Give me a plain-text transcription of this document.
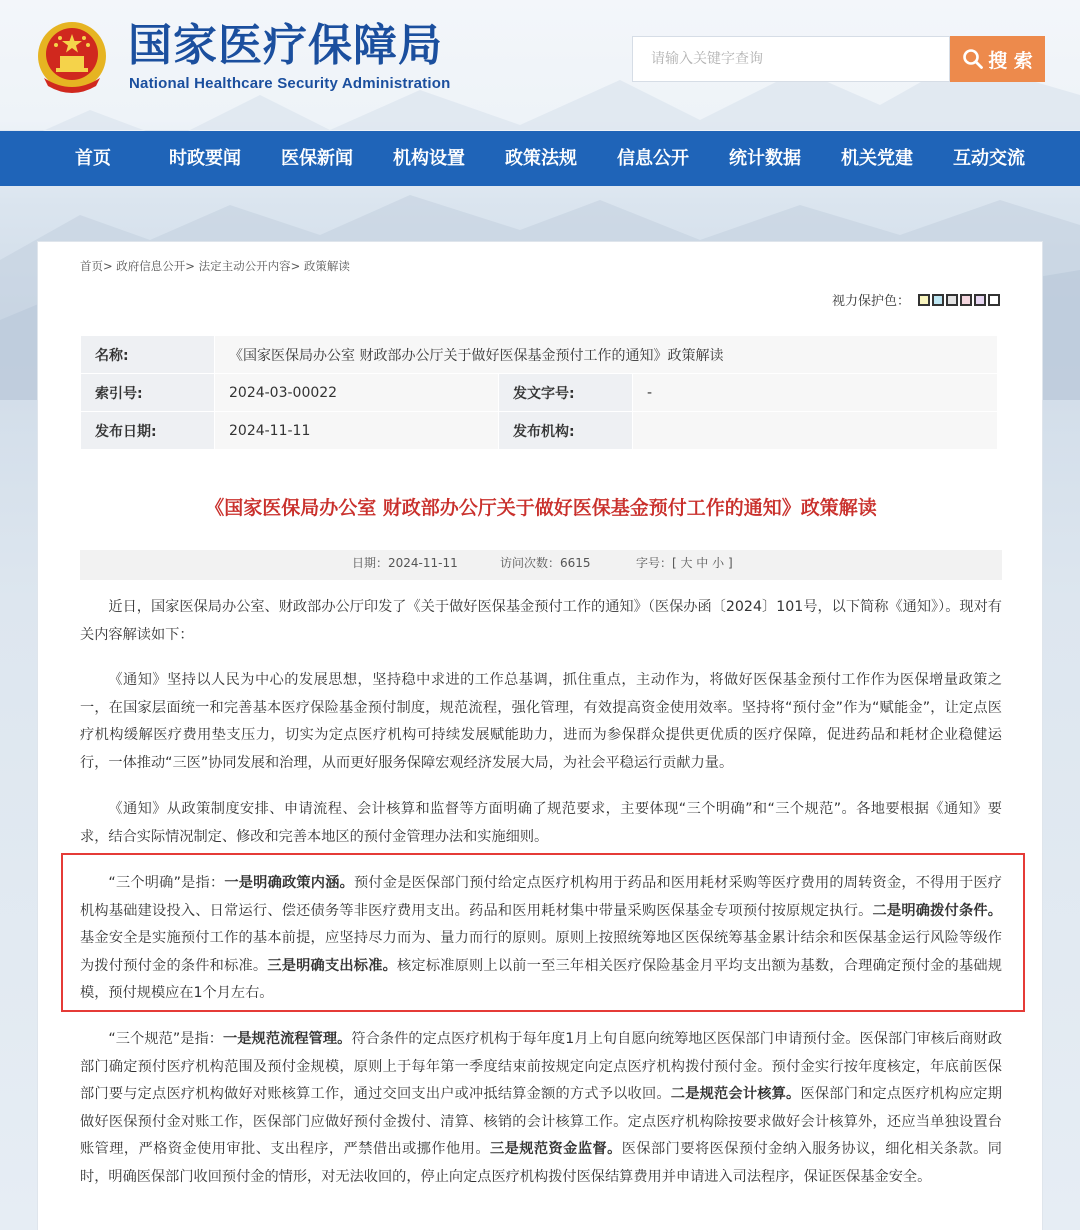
国家医疗保障局
National Healthcare Security Administration
请输入关键字查询
搜 索
首页	时政要闻 医保新闻 机构设置 政策法规 信息公开 统计数据 机关党建 互动交流
首页> 政府信息公开> 法定主动公开内容> 政策解读
视力保护色：
名称:	《国家医保局办公室 财政部办公厅关于做好医保基金预付工作的通知》政策解读		
索引号:	2024-03-00022	发文字号:	-
发布日期:	2024-11-11	发布机构:	
《国家医保局办公室 财政部办公厅关于做好医保基金预付工作的通知》政策解读
日期：2024-11-11	访问次数：6615	字号：[ 大 中 小 ]

近日，国家医保局办公室、财政部办公厅印发了《关于做好医保基金预付工作的通知》（医保办函〔2024〕101号，以下简称《通知》）。现对有关内容解读如下：

《通知》坚持以人民为中心的发展思想，坚持稳中求进的工作总基调，抓住重点，主动作为，将做好医保基金预付工作作为医保增量政策之一，在国家层面统一和完善基本医疗保险基金预付制度，规范流程，强化管理，有效提高资金使用效率。坚持将“预付金”作为“赋能金”，让定点医疗机构缓解医疗费用垫支压力，切实为定点医疗机构可持续发展赋能助力，进而为参保群众提供更优质的医疗保障，促进药品和耗材企业稳健运行，一体推动“三医”协同发展和治理，从而更好服务保障宏观经济发展大局，为社会平稳运行贡献力量。

《通知》从政策制度安排、申请流程、会计核算和监督等方面明确了规范要求，主要体现“三个明确”和“三个规范”。各地要根据《通知》要求，结合实际情况制定、修改和完善本地区的预付金管理办法和实施细则。

“三个明确”是指：一是明确政策内涵。预付金是医保部门预付给定点医疗机构用于药品和医用耗材采购等医疗费用的周转资金，不得用于医疗机构基础建设投入、日常运行、偿还债务等非医疗费用支出。药品和医用耗材集中带量采购医保基金专项预付按原规定执行。二是明确拨付条件。基金安全是实施预付工作的基本前提，应坚持尽力而为、量力而行的原则。原则上按照统筹地区医保统筹基金累计结余和医保基金运行风险等级作为拨付预付金的条件和标准。三是明确支出标准。核定标准原则上以前一至三年相关医疗保险基金月平均支出额为基数，合理确定预付金的基础规模，预付规模应在1个月左右。

“三个规范”是指：一是规范流程管理。符合条件的定点医疗机构于每年度1月上旬自愿向统筹地区医保部门申请预付金。医保部门审核后商财政部门确定预付医疗机构范围及预付金规模，原则上于每年第一季度结束前按规定向定点医疗机构拨付预付金。预付金实行按年度核定，年底前医保部门要与定点医疗机构做好对账核算工作，通过交回支出户或冲抵结算金额的方式予以收回。二是规范会计核算。医保部门和定点医疗机构应定期做好医保预付金对账工作，医保部门应做好预付金拨付、清算、核销的会计核算工作。定点医疗机构除按要求做好会计核算外，还应当单独设置台账管理，严格资金使用审批、支出程序，严禁借出或挪作他用。三是规范资金监督。医保部门要将医保预付金纳入服务协议，细化相关条款。同时，明确医保部门收回预付金的情形，对无法收回的，停止向定点医疗机构拨付医保结算费用并申请进入司法程序，保证医保基金安全。
